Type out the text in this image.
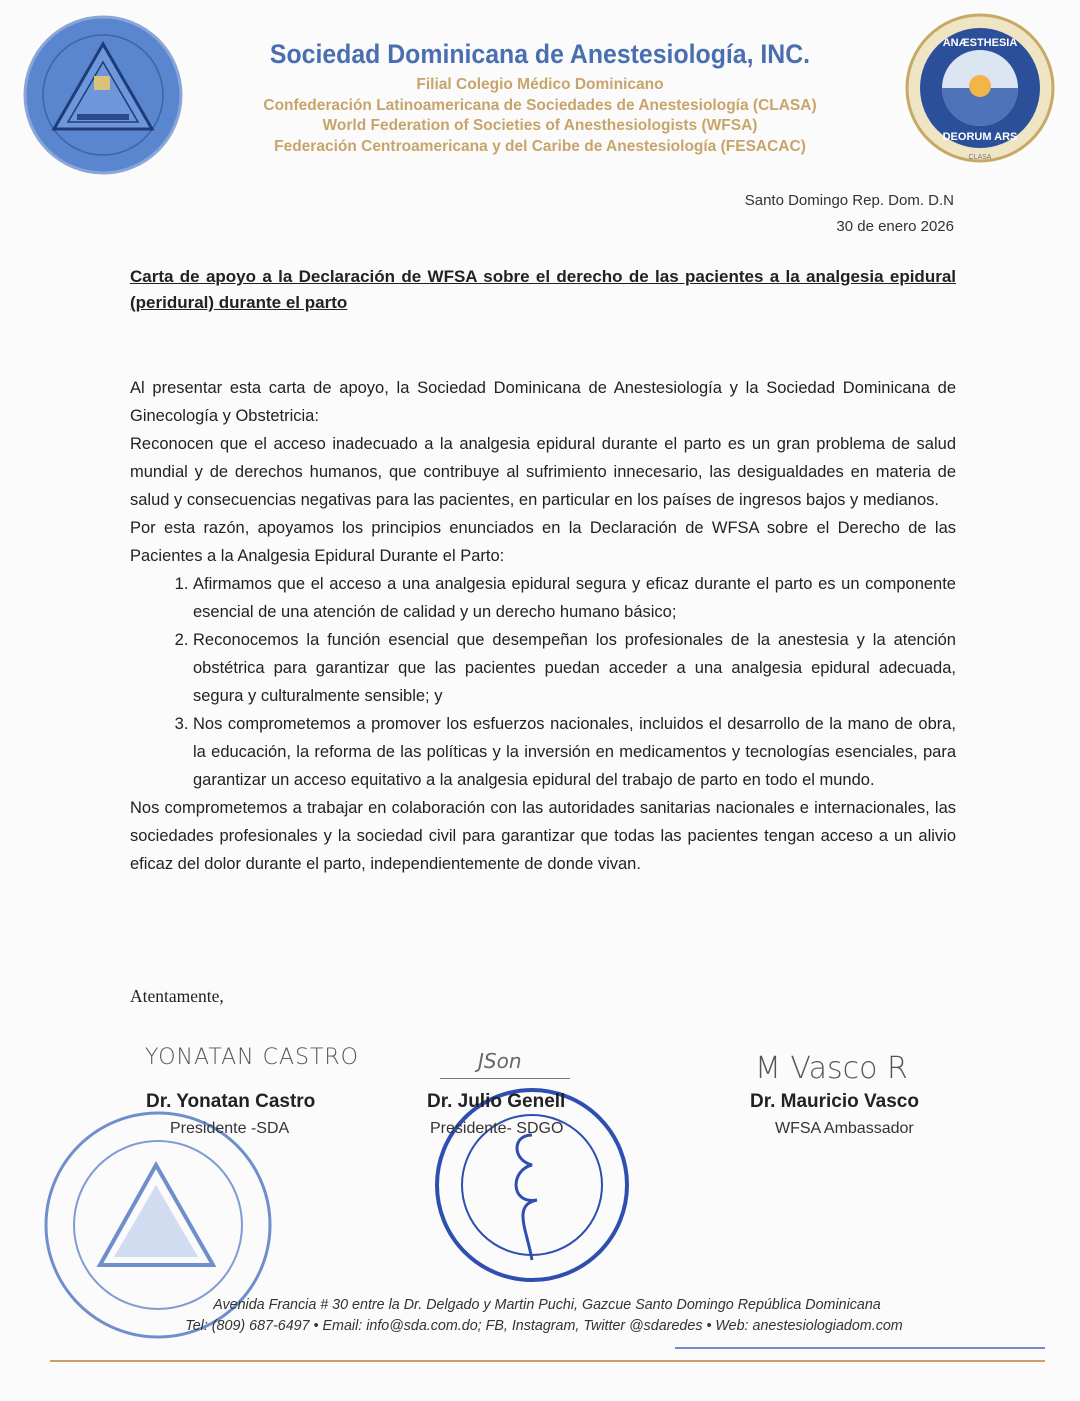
ANÆSTHESIA
DEORUM ARS
CLASA
Sociedad Dominicana de Anestesiología, INC.
Filial Colegio Médico Dominicano
Confederación Latinoamericana de Sociedades de Anestesiología (CLASA)
World Federation of Societies of Anesthesiologists (WFSA)
Federación Centroamericana y del Caribe de Anestesiología (FESACAC)
Santo Domingo Rep. Dom. D.N
30 de enero 2026
Carta de apoyo a la Declaración de WFSA sobre el derecho de las pacientes a la analgesia epidural (peridural) durante el parto

Al presentar esta carta de apoyo, la Sociedad Dominicana de Anestesiología y la Sociedad Dominicana de Ginecología y Obstetricia:

Reconocen que el acceso inadecuado a la analgesia epidural durante el parto es un gran problema de salud mundial y de derechos humanos, que contribuye al sufrimiento innecesario, las desigualdades en materia de salud y consecuencias negativas para las pacientes, en particular en los países de ingresos bajos y medianos.

Por esta razón, apoyamos los principios enunciados en la Declaración de WFSA sobre el Derecho de las Pacientes a la Analgesia Epidural Durante el Parto:

1. Afirmamos que el acceso a una analgesia epidural segura y eficaz durante el parto es un componente esencial de una atención de calidad y un derecho humano básico;
2. Reconocemos la función esencial que desempeñan los profesionales de la anestesia y la atención obstétrica para garantizar que las pacientes puedan acceder a una analgesia epidural adecuada, segura y culturalmente sensible; y
3. Nos comprometemos a promover los esfuerzos nacionales, incluidos el desarrollo de la mano de obra, la educación, la reforma de las políticas y la inversión en medicamentos y tecnologías esenciales, para garantizar un acceso equitativo a la analgesia epidural del trabajo de parto en todo el mundo.

Nos comprometemos a trabajar en colaboración con las autoridades sanitarias nacionales e internacionales, las sociedades profesionales y la sociedad civil para garantizar que todas las pacientes tengan acceso a un alivio eficaz del dolor durante el parto, independientemente de donde vivan.

Atentamente,
YONATAN CASTRO	JSon	M Vasco R
Dr. Yonatan Castro
Presidente -SDA
Dr. Julio Genell
Presidente- SDGO
Dr. Mauricio Vasco
WFSA Ambassador
Avenida Francia # 30 entre la Dr. Delgado y Martin Puchi, Gazcue Santo Domingo República Dominicana
Tel: (809) 687-6497 • Email: info@sda.com.do; FB, Instagram, Twitter @sdaredes • Web: anestesiologiadom.com
